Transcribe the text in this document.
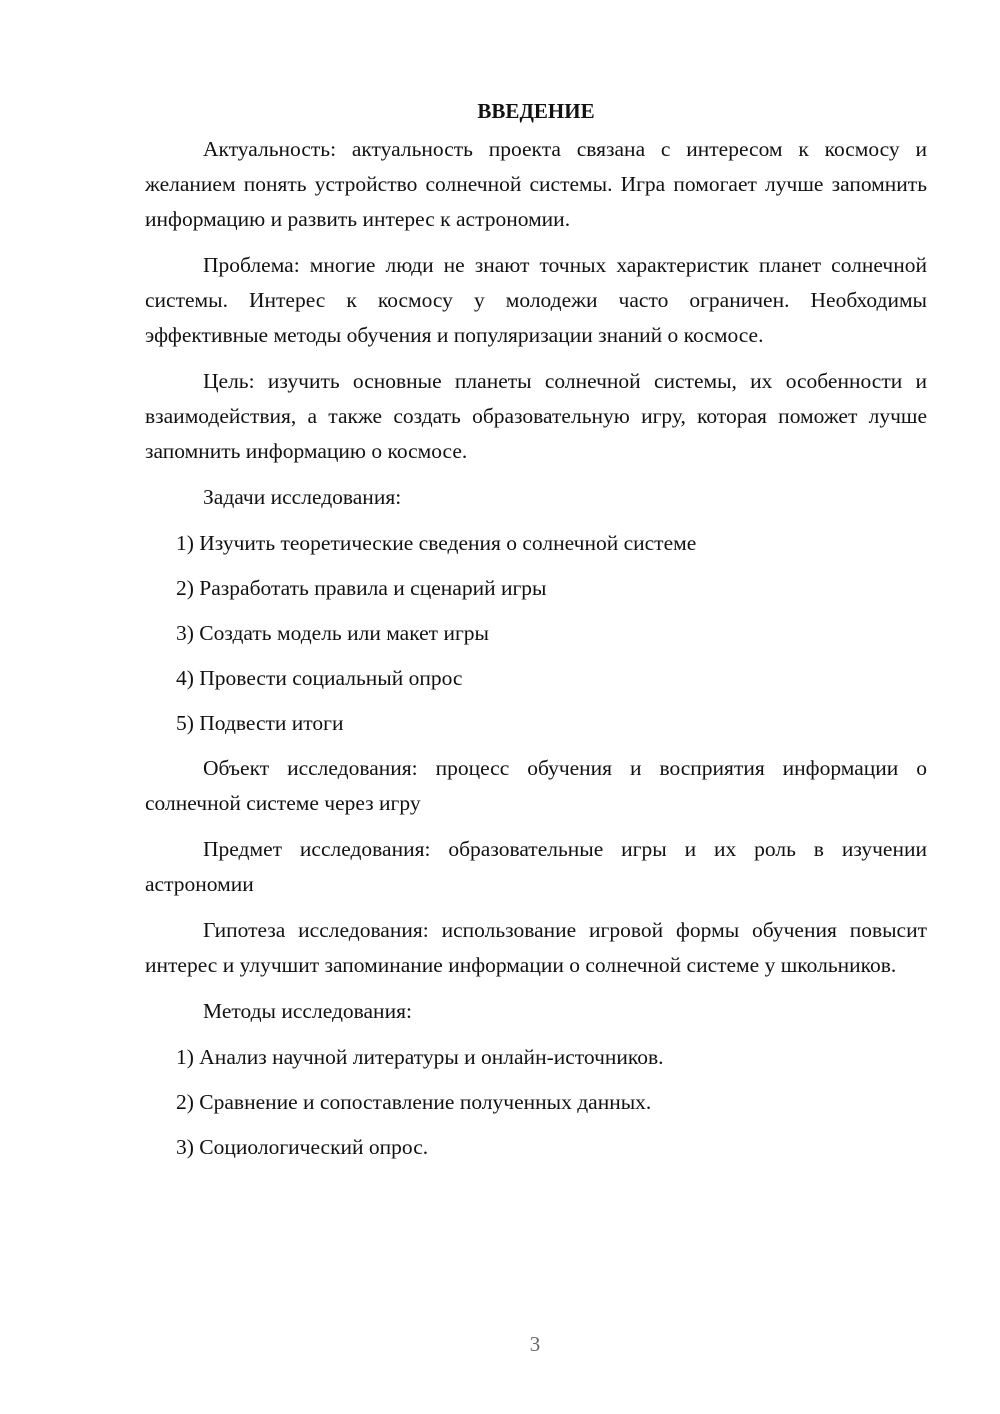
ВВЕДЕНИЕ

Актуальность: актуальность проекта связана с интересом к космосу и желанием понять устройство солнечной системы. Игра помогает лучше запомнить информацию и развить интерес к астрономии.

Проблема: многие люди не знают точных характеристик планет солнечной системы. Интерес к космосу у молодежи часто ограничен. Необходимы эффективные методы обучения и популяризации знаний о космосе.

Цель: изучить основные планеты солнечной системы, их особенности и взаимодействия, а также создать образовательную игру, которая поможет лучше запомнить информацию о космосе.

Задачи исследования:

1) Изучить теоретические сведения о солнечной системе

2) Разработать правила и сценарий игры

3) Создать модель или макет игры

4) Провести социальный опрос

5) Подвести итоги

Объект исследования: процесс обучения и восприятия информации о солнечной системе через игру

Предмет исследования: образовательные игры и их роль в изучении астрономии

Гипотеза исследования: использование игровой формы обучения повысит интерес и улучшит запоминание информации о солнечной системе у школьников.

Методы исследования:

1) Анализ научной литературы и онлайн-источников.

2) Сравнение и сопоставление полученных данных.

3) Социологический опрос.

3
